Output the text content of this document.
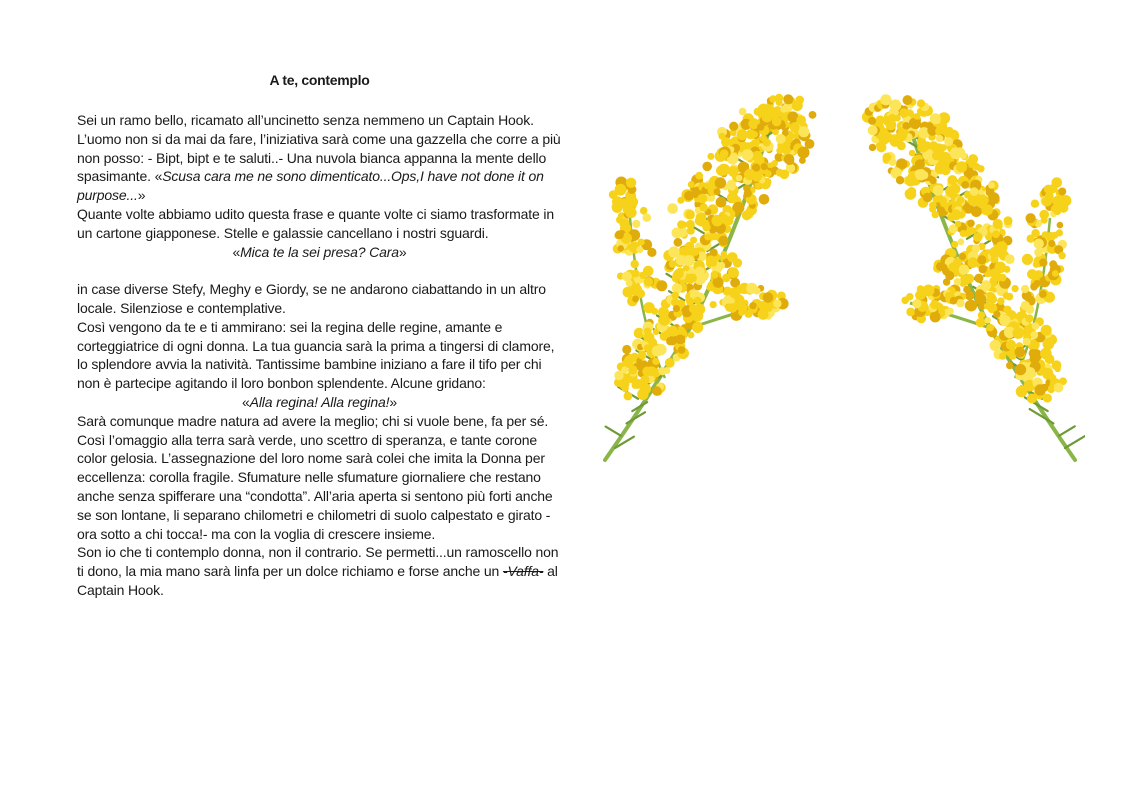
A te, contemplo

Sei un ramo bello, ricamato all’uncinetto senza nemmeno un Captain Hook. L’uomo non si da mai da fare, l’iniziativa sarà come una gazzella che corre a più non posso: - Bipt, bipt e te saluti..- Una nuvola bianca appanna la mente dello spasimante. «Scusa cara me ne sono dimenticato...Ops,I have not done it on purpose...»

Quante volte abbiamo udito questa frase e quante volte ci siamo trasformate in un cartone giapponese. Stelle e galassie cancellano i nostri sguardi.

«Mica te la sei presa? Cara»

in case diverse Stefy, Meghy e Giordy, se ne andarono ciabattando in un altro locale. Silenziose e contemplative.

Così vengono da te e ti ammirano: sei la regina delle regine, amante e corteggiatrice di ogni donna. La tua guancia sarà la prima a tingersi di clamore, lo splendore avvia la natività. Tantissime bambine iniziano a fare il tifo per chi non è partecipe agitando il loro bonbon splendente. Alcune gridano:

«Alla regina! Alla regina!»

Sarà comunque madre natura ad avere la meglio; chi si vuole bene, fa per sé. Così l’omaggio alla terra sarà verde, uno scettro di speranza, e tante corone color gelosia. L’assegnazione del loro nome sarà colei che imita la Donna per eccellenza: corolla fragile. Sfumature nelle sfumature giornaliere che restano anche senza spifferare una “condotta”. All’aria aperta si sentono più forti anche se son lontane, li separano chilometri e chilometri di suolo calpestato e girato - ora sotto a chi tocca!- ma con la voglia di crescere insieme.

Son io che ti contemplo donna, non il contrario. Se permetti...un ramoscello non ti dono, la mia mano sarà linfa per un dolce richiamo e forse anche un -Vaffa- al Captain Hook.
